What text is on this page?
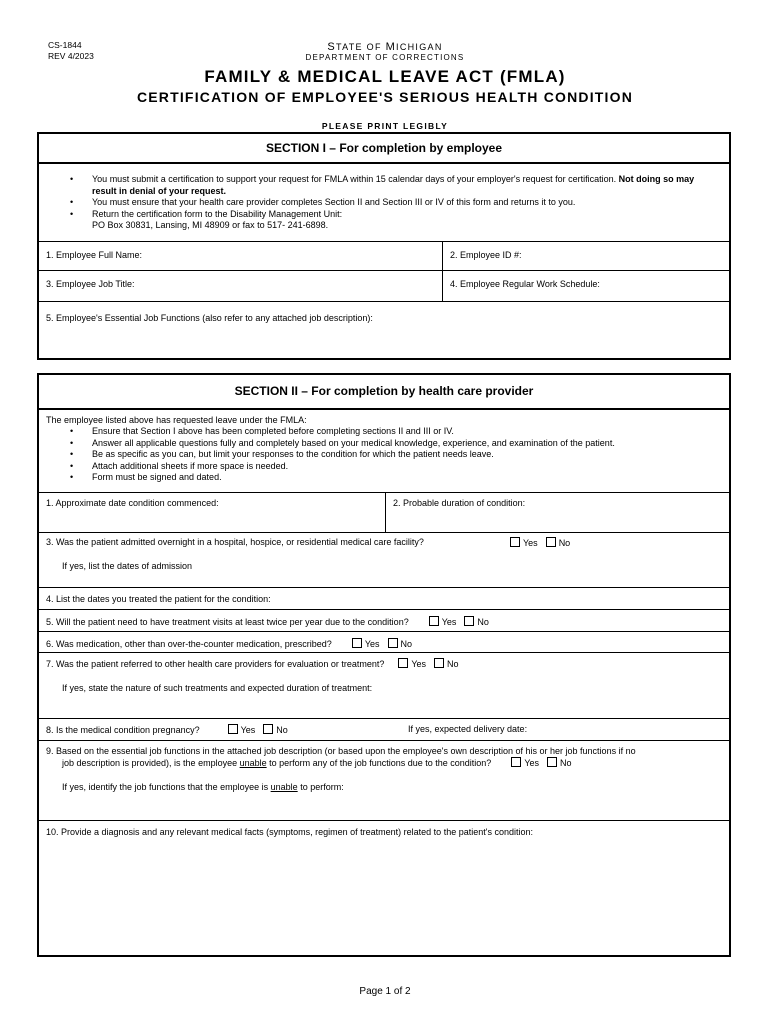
CS-1844
REV 4/2023
STATE OF MICHIGAN
DEPARTMENT OF CORRECTIONS
FAMILY & MEDICAL LEAVE ACT (FMLA)
CERTIFICATION OF EMPLOYEE'S SERIOUS HEALTH CONDITION
PLEASE PRINT LEGIBLY
SECTION I – For completion by employee
• You must submit a certification to support your request for FMLA within 15 calendar days of your employer's request for certification. Not doing so may result in denial of your request.
• You must ensure that your health care provider completes Section II and Section III or IV of this form and returns it to you.
• Return the certification form to the Disability Management Unit:
PO Box 30831, Lansing, MI 48909 or fax to 517- 241-6898.
1. Employee Full Name:	2. Employee ID #:
3. Employee Job Title:	4. Employee Regular Work Schedule:
5. Employee's Essential Job Functions (also refer to any attached job description):
SECTION II – For completion by health care provider
The employee listed above has requested leave under the FMLA:
• Ensure that Section I above has been completed before completing sections II and III or IV.
• Answer all applicable questions fully and completely based on your medical knowledge, experience, and examination of the patient.
• Be as specific as you can, but limit your responses to the condition for which the patient needs leave.
• Attach additional sheets if more space is needed.
• Form must be signed and dated.
1. Approximate date condition commenced:	2. Probable duration of condition:
3. Was the patient admitted overnight in a hospital, hospice, or residential medical care facility?	Yes No
If yes, list the dates of admission
4. List the dates you treated the patient for the condition:
5. Will the patient need to have treatment visits at least twice per year due to the condition?	Yes No
6. Was medication, other than over-the-counter medication, prescribed?	Yes No
7. Was the patient referred to other health care providers for evaluation or treatment?	Yes No
If yes, state the nature of such treatments and expected duration of treatment:
8. Is the medical condition pregnancy?	Yes No	If yes, expected delivery date:
9. Based on the essential job functions in the attached job description (or based upon the employee's own description of his or her job functions if no
job description is provided), is the employee unable to perform any of the job functions due to the condition?	Yes No
If yes, identify the job functions that the employee is unable to perform:
10. Provide a diagnosis and any relevant medical facts (symptoms, regimen of treatment) related to the patient's condition:
Page 1 of 2
